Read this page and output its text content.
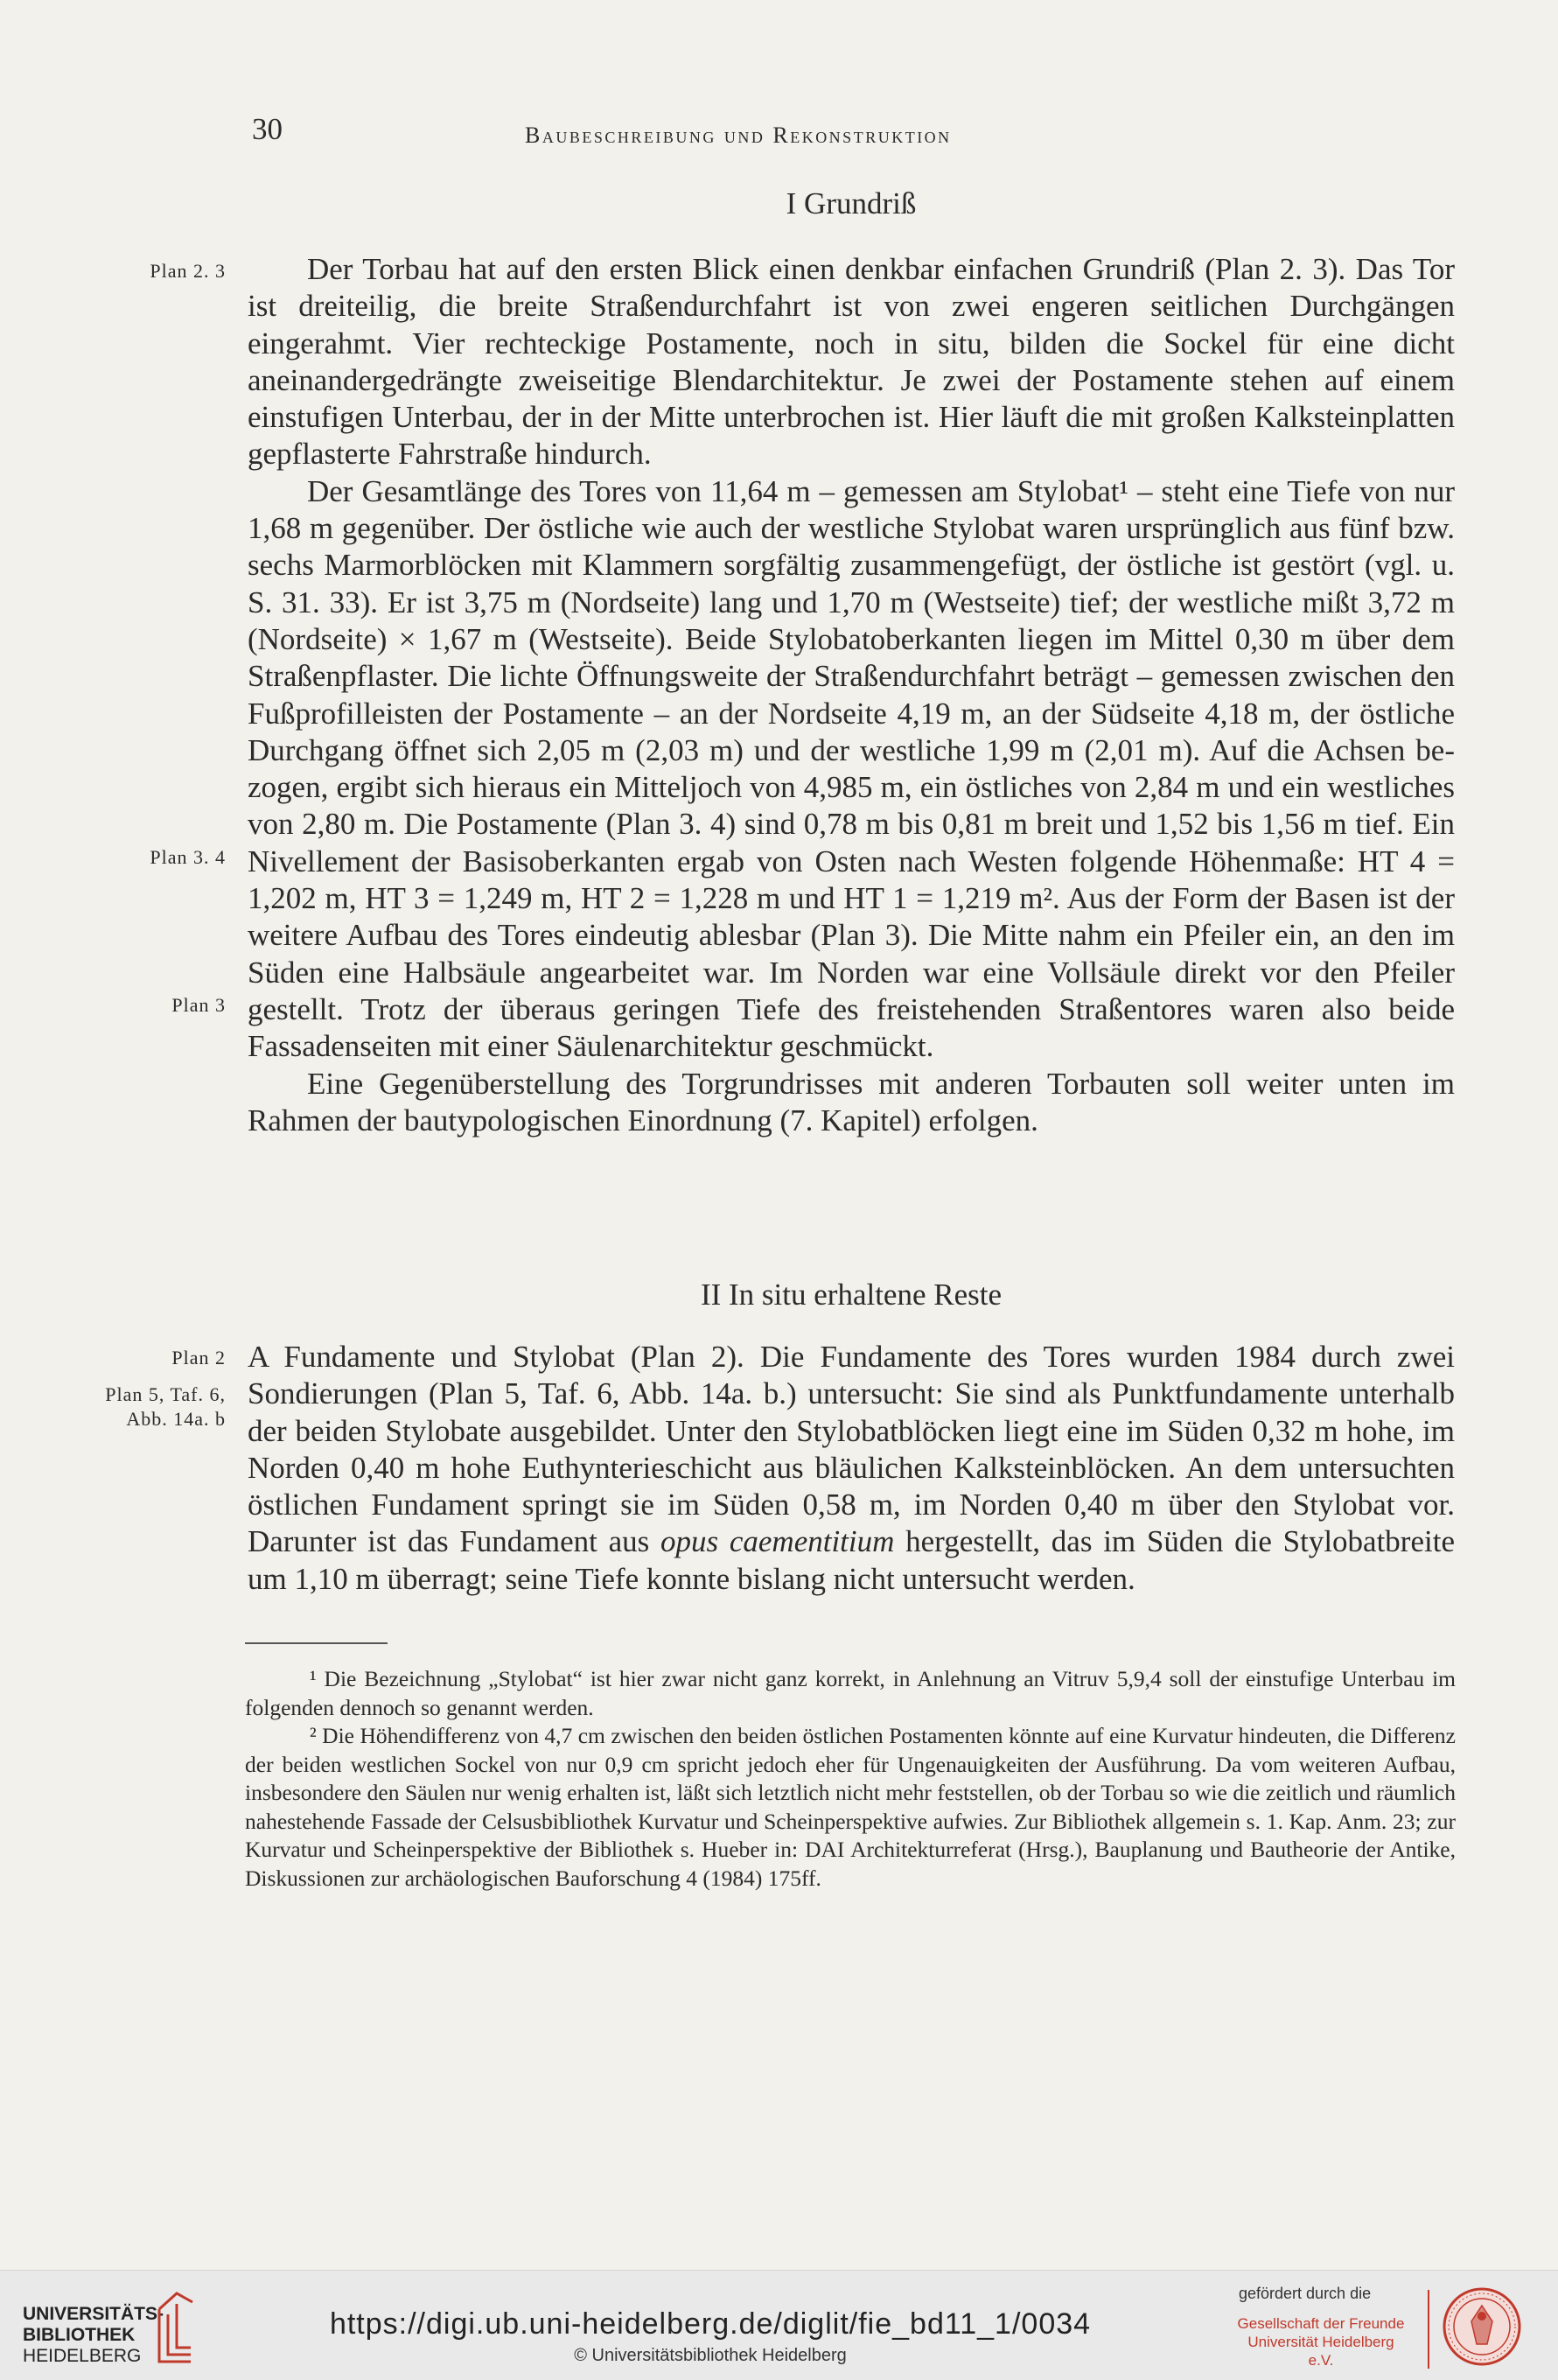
30	Baubeschreibung und Rekonstruktion
I Grundriß
Plan 2. 3
Plan 3. 4
Plan 3

Der Torbau hat auf den ersten Blick einen denkbar einfachen Grundriß (Plan 2. 3). Das Tor ist dreiteilig, die breite Straßendurchfahrt ist von zwei engeren seitlichen Durchgängen eingerahmt. Vier rechteckige Postamente, noch in situ, bilden die Sockel für eine dicht aneinandergedrängte zweiseitige Blendarchitektur. Je zwei der Postamente stehen auf einem einstufigen Unterbau, der in der Mitte unterbrochen ist. Hier läuft die mit großen Kalksteinplatten gepflasterte Fahrstraße hindurch.

Der Gesamtlänge des Tores von 11,64 m – gemessen am Stylobat¹ – steht eine Tiefe von nur 1,68 m gegenüber. Der östliche wie auch der westliche Stylobat waren ursprünglich aus fünf bzw. sechs Marmorblöcken mit Klammern sorgfältig zusammengefügt, der östliche ist gestört (vgl. u. S. 31. 33). Er ist 3,75 m (Nordseite) lang und 1,70 m (Westseite) tief; der westliche mißt 3,72 m (Nordseite) × 1,67 m (Westseite). Beide Stylobatoberkanten liegen im Mittel 0,30 m über dem Straßenpflaster. Die lichte Öffnungsweite der Straßendurchfahrt beträgt – gemessen zwischen den Fußprofilleisten der Postamente – an der Nordseite 4,19 m, an der Südseite 4,18 m, der östliche Durchgang öffnet sich 2,05 m (2,03 m) und der westliche 1,99 m (2,01 m). Auf die Achsen bezogen, ergibt sich hieraus ein Mitteljoch von 4,985 m, ein östliches von 2,84 m und ein westliches von 2,80 m. Die Postamente (Plan 3. 4) sind 0,78 m bis 0,81 m breit und 1,52 bis 1,56 m tief. Ein Nivellement der Basisoberkanten ergab von Osten nach Westen folgende Höhenmaße: HT 4 = 1,202 m, HT 3 = 1,249 m, HT 2 = 1,228 m und HT 1 = 1,219 m². Aus der Form der Basen ist der weitere Aufbau des Tores eindeutig ablesbar (Plan 3). Die Mitte nahm ein Pfeiler ein, an den im Süden eine Halbsäule angearbeitet war. Im Norden war eine Vollsäule direkt vor den Pfeiler gestellt. Trotz der überaus geringen Tiefe des freistehenden Straßentores waren also beide Fassadenseiten mit einer Säulenarchitektur geschmückt.

Eine Gegenüberstellung des Torgrundrisses mit anderen Torbauten soll weiter unten im Rahmen der bautypologischen Einordnung (7. Kapitel) erfolgen.

II In situ erhaltene Reste
Plan 2
Plan 5, Taf. 6,
Abb. 14a. b

A Fundamente und Stylobat (Plan 2). Die Fundamente des Tores wurden 1984 durch zwei Sondierungen (Plan 5, Taf. 6, Abb. 14a. b.) untersucht: Sie sind als Punktfundamente unterhalb der beiden Stylobate ausgebildet. Unter den Stylobatblöcken liegt eine im Süden 0,32 m hohe, im Norden 0,40 m hohe Euthynterieschicht aus bläulichen Kalksteinblöcken. An dem untersuchten östlichen Fundament springt sie im Süden 0,58 m, im Norden 0,40 m über den Stylobat vor. Darunter ist das Fundament aus opus caementitium hergestellt, das im Süden die Stylobatbreite um 1,10 m überragt; seine Tiefe konnte bislang nicht untersucht werden.

¹ Die Bezeichnung „Stylobat“ ist hier zwar nicht ganz korrekt, in Anlehnung an Vitruv 5,9,4 soll der einstufige Unterbau im folgenden dennoch so genannt werden.

² Die Höhendifferenz von 4,7 cm zwischen den beiden östlichen Postamenten könnte auf eine Kurvatur hindeuten, die Differenz der beiden westlichen Sockel von nur 0,9 cm spricht jedoch eher für Ungenauigkeiten der Ausführung. Da vom weiteren Aufbau, insbesondere den Säulen nur wenig erhalten ist, läßt sich letztlich nicht mehr feststellen, ob der Torbau so wie die zeitlich und räumlich nahestehende Fassade der Celsusbibliothek Kurvatur und Scheinperspektive aufwies. Zur Bibliothek allgemein s. 1. Kap. Anm. 23; zur Kurvatur und Scheinperspektive der Bibliothek s. Hueber in: DAI Architekturreferat (Hrsg.), Bauplanung und Bautheorie der Antike, Diskussionen zur archäologischen Bauforschung 4 (1984) 175ff.

UNIVERSITÄTS-
BIBLIOTHEK
HEIDELBERG
https://digi.ub.uni-heidelberg.de/diglit/fie_bd11_1/0034
© Universitätsbibliothek Heidelberg
gefördert durch die
Gesellschaft der Freunde
Universität Heidelberg e.V.
